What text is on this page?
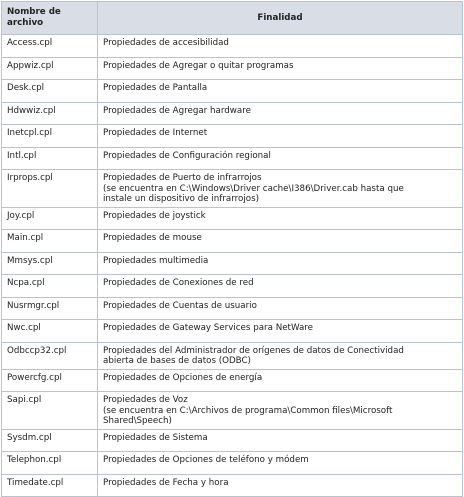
Nombre de
archivo	Finalidad
Access.cpl	Propiedades de accesibilidad

Appwiz.cpl	Propiedades de Agregar o quitar programas

Desk.cpl	Propiedades de Pantalla

Hdwwiz.cpl	Propiedades de Agregar hardware

Inetcpl.cpl	Propiedades de Internet

Intl.cpl	Propiedades de Configuración regional

Irprops.cpl	Propiedades de Puerto de infrarrojos
(se encuentra en C:\Windows\Driver cache\I386\Driver.cab hasta que
instale un dispositivo de infrarrojos)

Joy.cpl	Propiedades de joystick

Main.cpl	Propiedades de mouse

Mmsys.cpl	Propiedades multimedia

Ncpa.cpl	Propiedades de Conexiones de red

Nusrmgr.cpl	Propiedades de Cuentas de usuario

Nwc.cpl	Propiedades de Gateway Services para NetWare

Odbccp32.cpl	Propiedades del Administrador de orígenes de datos de Conectividad
abierta de bases de datos (ODBC)

Powercfg.cpl	Propiedades de Opciones de energía

Sapi.cpl	Propiedades de Voz
(se encuentra en C:\Archivos de programa\Common files\Microsoft
Shared\Speech)

Sysdm.cpl	Propiedades de Sistema

Telephon.cpl	Propiedades de Opciones de teléfono y módem

Timedate.cpl	Propiedades de Fecha y hora
